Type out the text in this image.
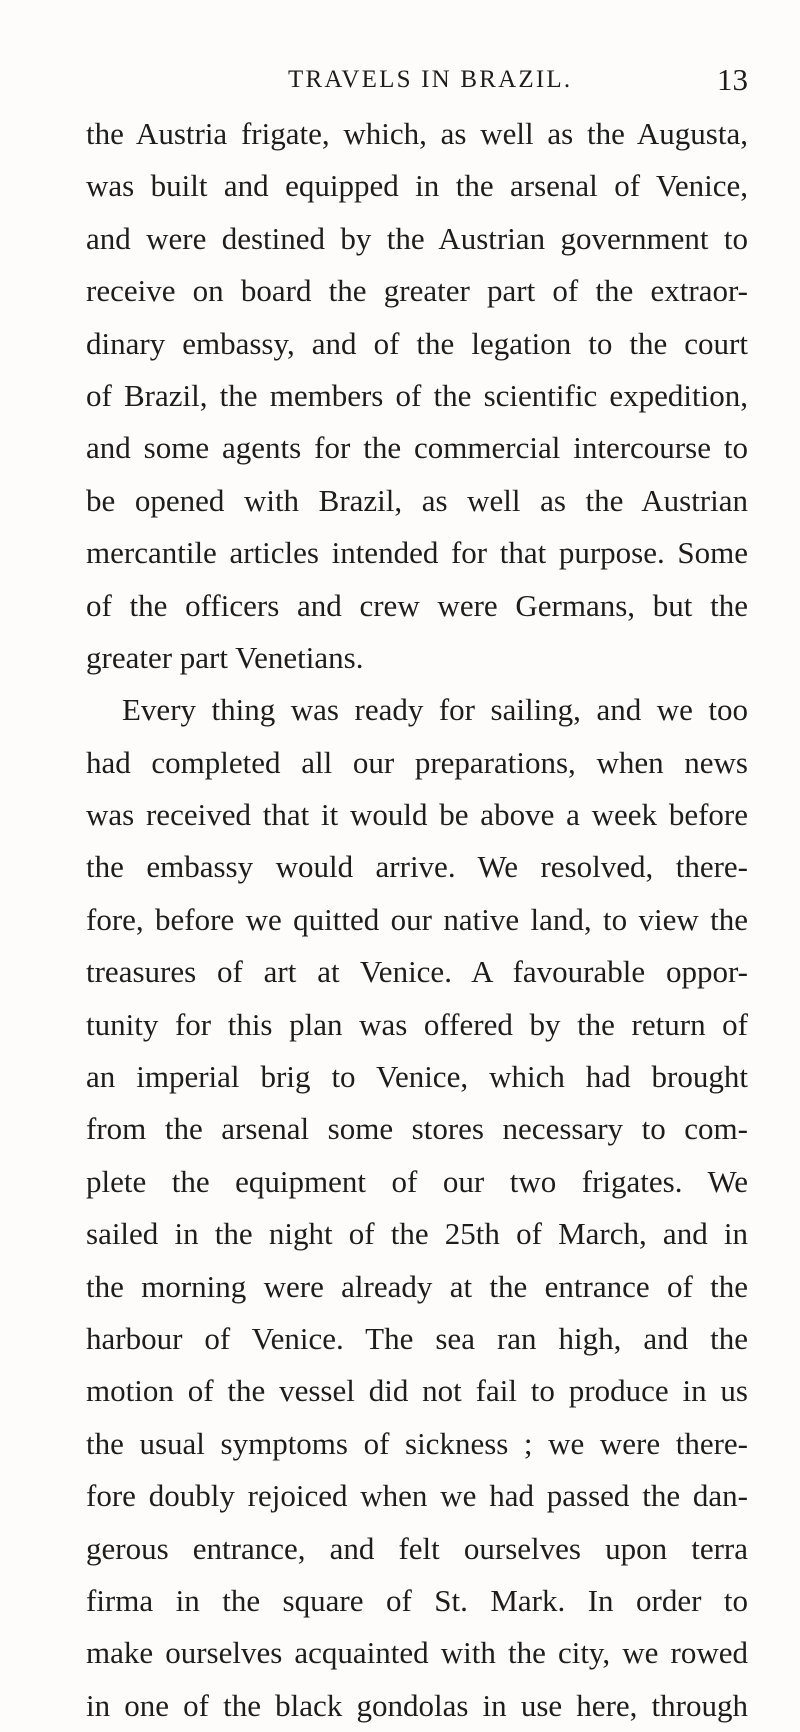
TRAVELS IN BRAZIL.	13
the Austria frigate, which, as well as the Augusta,
was built and equipped in the arsenal of Venice,
and were destined by the Austrian government to
receive on board the greater part of the extraor-
dinary embassy, and of the legation to the court
of Brazil, the members of the scientific expedition,
and some agents for the commercial intercourse to
be opened with Brazil, as well as the Austrian
mercantile articles intended for that purpose. Some
of the officers and crew were Germans, but the
greater part Venetians.
Every thing was ready for sailing, and we too
had completed all our preparations, when news
was received that it would be above a week before
the embassy would arrive. We resolved, there-
fore, before we quitted our native land, to view the
treasures of art at Venice. A favourable oppor-
tunity for this plan was offered by the return of
an imperial brig to Venice, which had brought
from the arsenal some stores necessary to com-
plete the equipment of our two frigates. We
sailed in the night of the 25th of March, and in
the morning were already at the entrance of the
harbour of Venice. The sea ran high, and the
motion of the vessel did not fail to produce in us
the usual symptoms of sickness ; we were there-
fore doubly rejoiced when we had passed the dan-
gerous entrance, and felt ourselves upon terra
firma in the square of St. Mark. In order to
make ourselves acquainted with the city, we rowed
in one of the black gondolas in use here, through
